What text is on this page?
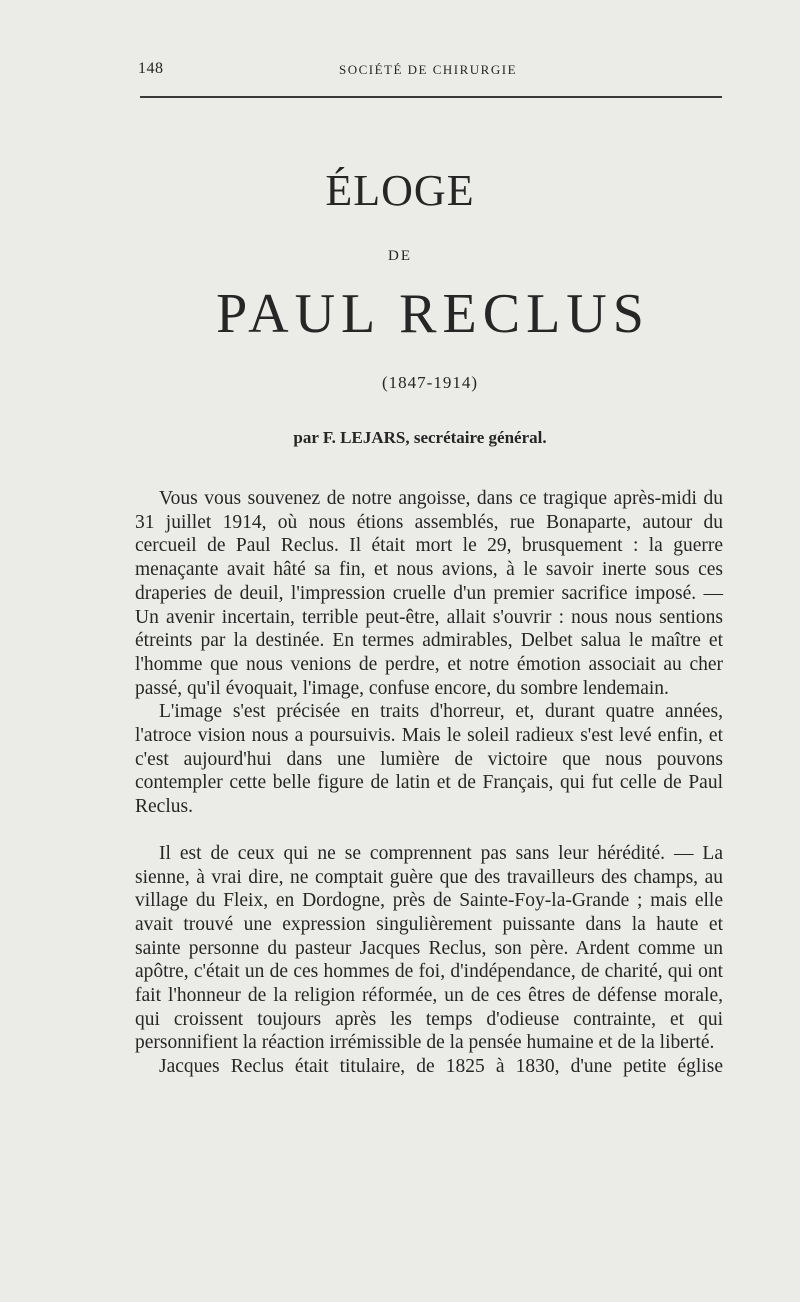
148	SOCIÉTÉ DE CHIRURGIE
ÉLOGE
DE
PAUL RECLUS
(1847-1914)
par F. LEJARS, secrétaire général.

Vous vous souvenez de notre angoisse, dans ce tragique après-midi du 31 juillet 1914, où nous étions assemblés, rue Bonaparte, autour du cercueil de Paul Reclus. Il était mort le 29, brusquement : la guerre menaçante avait hâté sa fin, et nous avions, à le savoir inerte sous ces draperies de deuil, l'impression cruelle d'un premier sacrifice imposé. — Un avenir incertain, terrible peut-être, allait s'ouvrir : nous nous sentions étreints par la destinée. En termes admirables, Delbet salua le maître et l'homme que nous venions de perdre, et notre émotion associait au cher passé, qu'il évoquait, l'image, confuse encore, du sombre lendemain.

L'image s'est précisée en traits d'horreur, et, durant quatre années, l'atroce vision nous a poursuivis. Mais le soleil radieux s'est levé enfin, et c'est aujourd'hui dans une lumière de victoire que nous pouvons contempler cette belle figure de latin et de Français, qui fut celle de Paul Reclus.

Il est de ceux qui ne se comprennent pas sans leur hérédité. — La sienne, à vrai dire, ne comptait guère que des travailleurs des champs, au village du Fleix, en Dordogne, près de Sainte-Foy-la-Grande ; mais elle avait trouvé une expression singulièrement puissante dans la haute et sainte personne du pasteur Jacques Reclus, son père. Ardent comme un apôtre, c'était un de ces hommes de foi, d'indépendance, de charité, qui ont fait l'honneur de la religion réformée, un de ces êtres de défense morale, qui croissent toujours après les temps d'odieuse contrainte, et qui personnifient la réaction irrémissible de la pensée humaine et de la liberté.

Jacques Reclus était titulaire, de 1825 à 1830, d'une petite église
